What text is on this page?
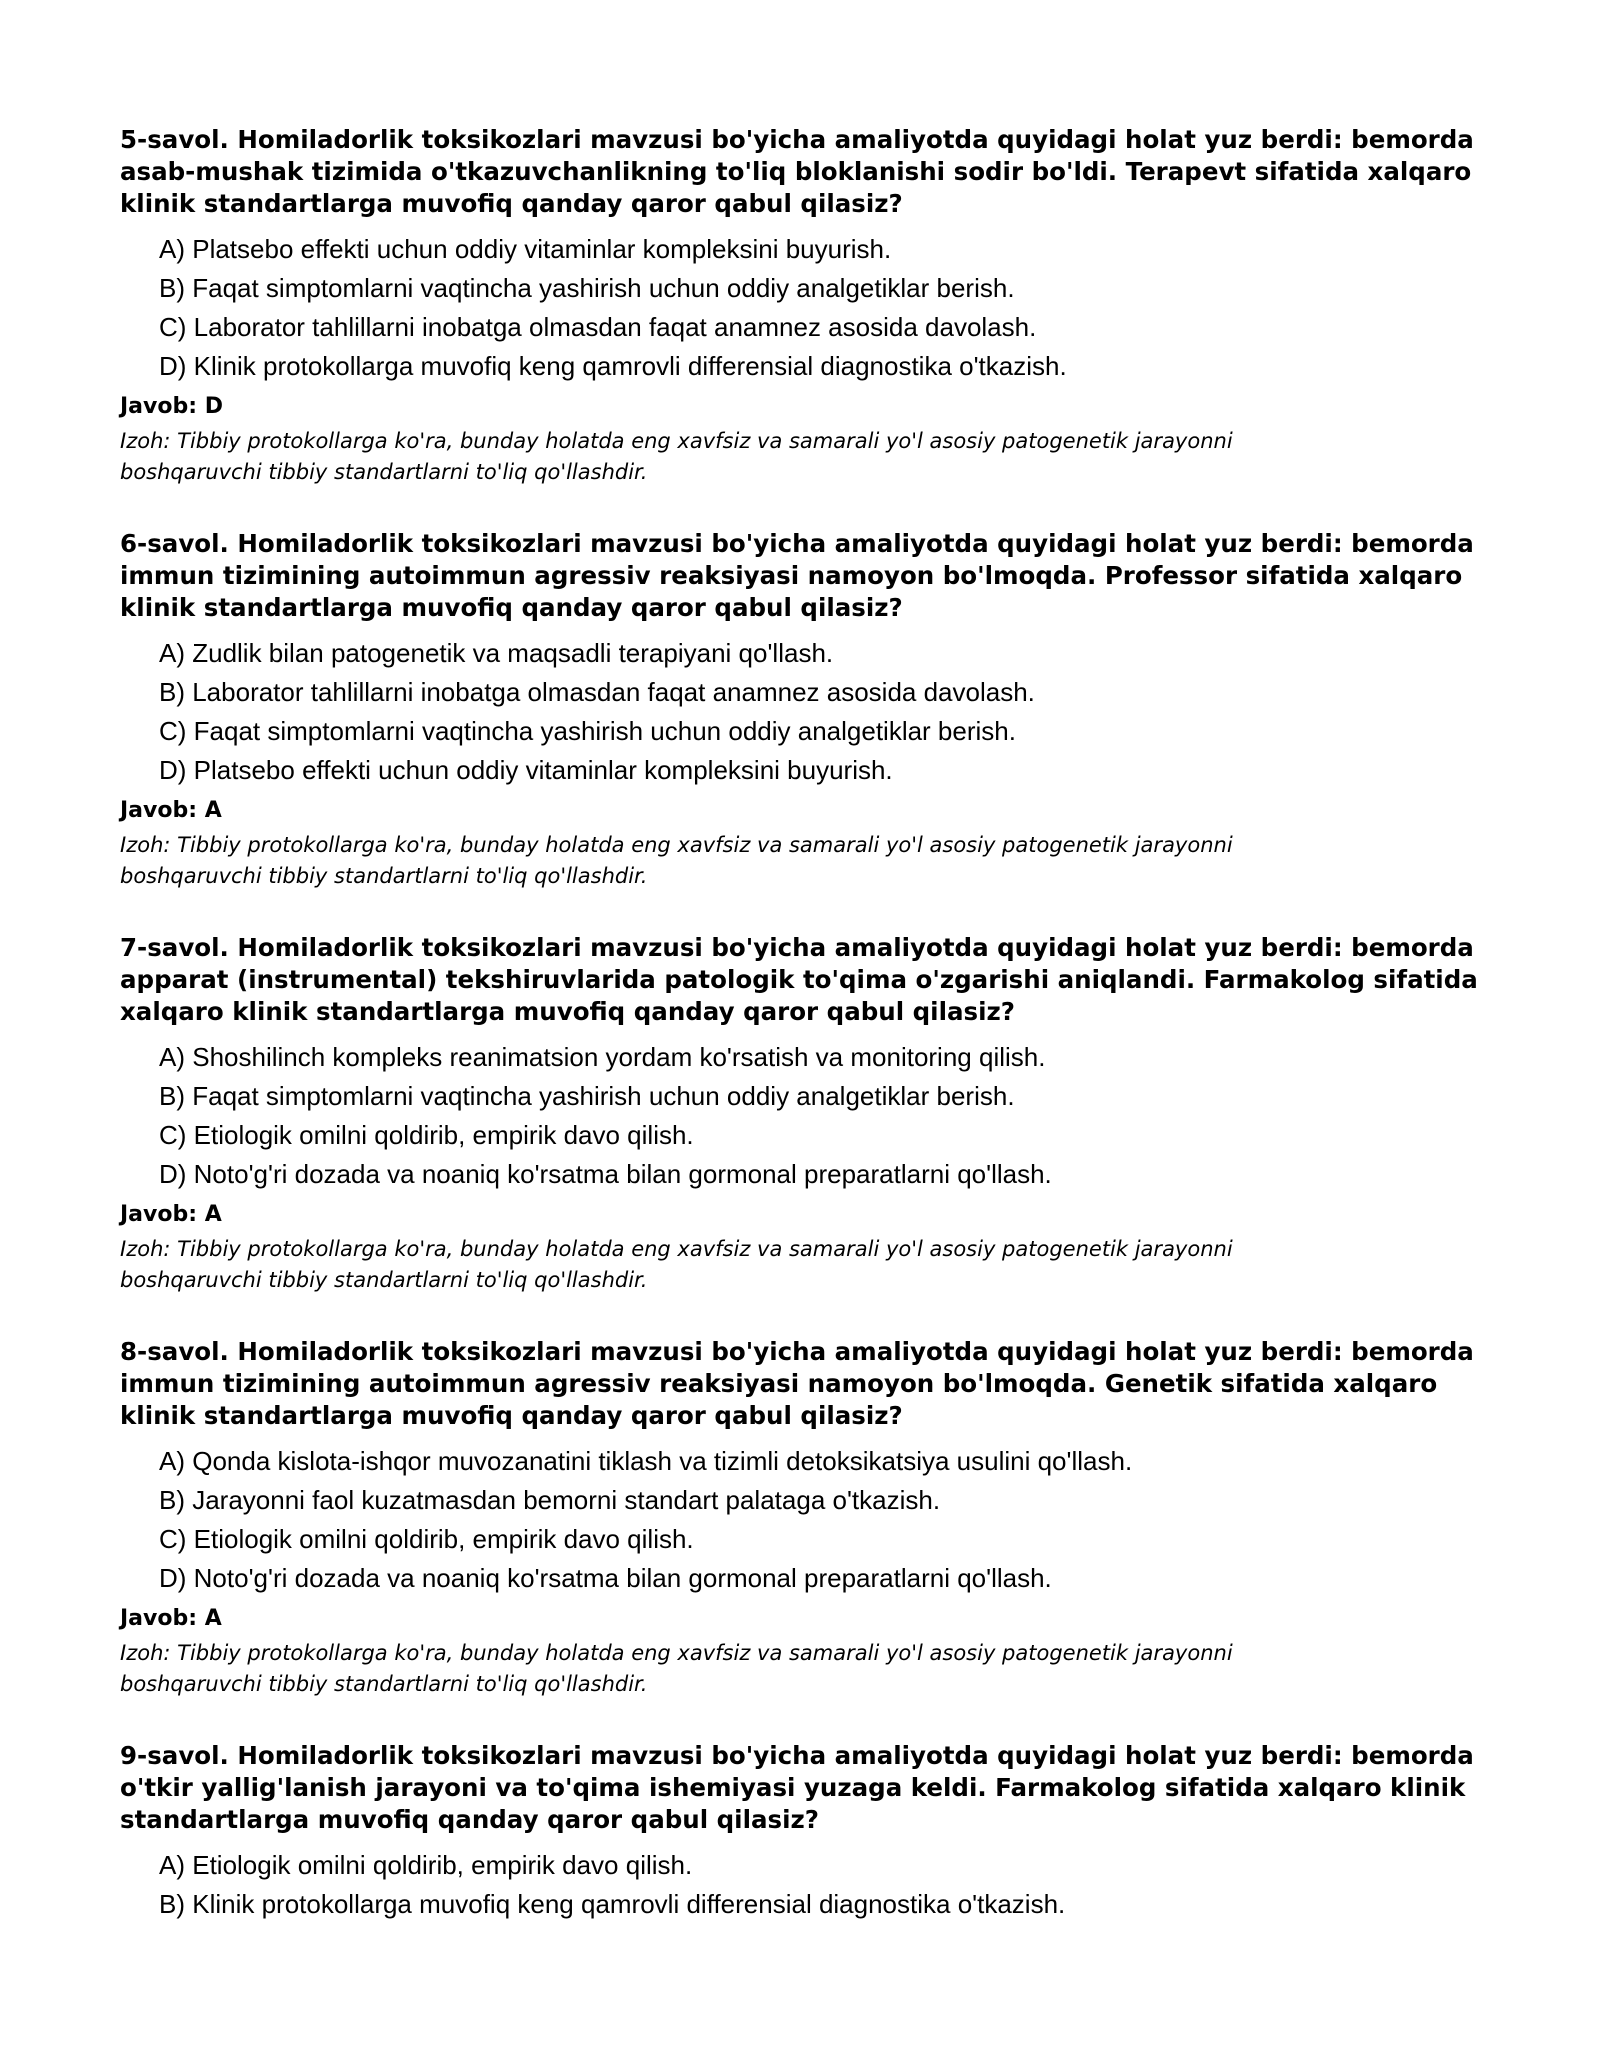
5-savol. Homiladorlik toksikozlari mavzusi bo'yicha amaliyotda quyidagi holat yuz berdi: bemorda asab-mushak tizimida o'tkazuvchanlikning to'liq bloklanishi sodir bo'ldi. Terapevt sifatida xalqaro klinik standartlarga muvofiq qanday qaror qabul qilasiz?

A) Platsebo effekti uchun oddiy vitaminlar kompleksini buyurish.
B) Faqat simptomlarni vaqtincha yashirish uchun oddiy analgetiklar berish.
C) Laborator tahlillarni inobatga olmasdan faqat anamnez asosida davolash.
D) Klinik protokollarga muvofiq keng qamrovli differensial diagnostika o'tkazish.

Javob: D

Izoh: Tibbiy protokollarga ko'ra, bunday holatda eng xavfsiz va samarali yo'l asosiy patogenetik jarayonni boshqaruvchi tibbiy standartlarni to'liq qo'llashdir.

6-savol. Homiladorlik toksikozlari mavzusi bo'yicha amaliyotda quyidagi holat yuz berdi: bemorda immun tizimining autoimmun agressiv reaksiyasi namoyon bo'lmoqda. Professor sifatida xalqaro klinik standartlarga muvofiq qanday qaror qabul qilasiz?

A) Zudlik bilan patogenetik va maqsadli terapiyani qo'llash.
B) Laborator tahlillarni inobatga olmasdan faqat anamnez asosida davolash.
C) Faqat simptomlarni vaqtincha yashirish uchun oddiy analgetiklar berish.
D) Platsebo effekti uchun oddiy vitaminlar kompleksini buyurish.

Javob: A

Izoh: Tibbiy protokollarga ko'ra, bunday holatda eng xavfsiz va samarali yo'l asosiy patogenetik jarayonni boshqaruvchi tibbiy standartlarni to'liq qo'llashdir.

7-savol. Homiladorlik toksikozlari mavzusi bo'yicha amaliyotda quyidagi holat yuz berdi: bemorda apparat (instrumental) tekshiruvlarida patologik to'qima o'zgarishi aniqlandi. Farmakolog sifatida xalqaro klinik standartlarga muvofiq qanday qaror qabul qilasiz?

A) Shoshilinch kompleks reanimatsion yordam ko'rsatish va monitoring qilish.
B) Faqat simptomlarni vaqtincha yashirish uchun oddiy analgetiklar berish.
C) Etiologik omilni qoldirib, empirik davo qilish.
D) Noto'g'ri dozada va noaniq ko'rsatma bilan gormonal preparatlarni qo'llash.

Javob: A

Izoh: Tibbiy protokollarga ko'ra, bunday holatda eng xavfsiz va samarali yo'l asosiy patogenetik jarayonni boshqaruvchi tibbiy standartlarni to'liq qo'llashdir.

8-savol. Homiladorlik toksikozlari mavzusi bo'yicha amaliyotda quyidagi holat yuz berdi: bemorda immun tizimining autoimmun agressiv reaksiyasi namoyon bo'lmoqda. Genetik sifatida xalqaro klinik standartlarga muvofiq qanday qaror qabul qilasiz?

A) Qonda kislota-ishqor muvozanatini tiklash va tizimli detoksikatsiya usulini qo'llash.
B) Jarayonni faol kuzatmasdan bemorni standart palataga o'tkazish.
C) Etiologik omilni qoldirib, empirik davo qilish.
D) Noto'g'ri dozada va noaniq ko'rsatma bilan gormonal preparatlarni qo'llash.

Javob: A

Izoh: Tibbiy protokollarga ko'ra, bunday holatda eng xavfsiz va samarali yo'l asosiy patogenetik jarayonni boshqaruvchi tibbiy standartlarni to'liq qo'llashdir.

9-savol. Homiladorlik toksikozlari mavzusi bo'yicha amaliyotda quyidagi holat yuz berdi: bemorda o'tkir yallig'lanish jarayoni va to'qima ishemiyasi yuzaga keldi. Farmakolog sifatida xalqaro klinik standartlarga muvofiq qanday qaror qabul qilasiz?

A) Etiologik omilni qoldirib, empirik davo qilish.
B) Klinik protokollarga muvofiq keng qamrovli differensial diagnostika o'tkazish.
